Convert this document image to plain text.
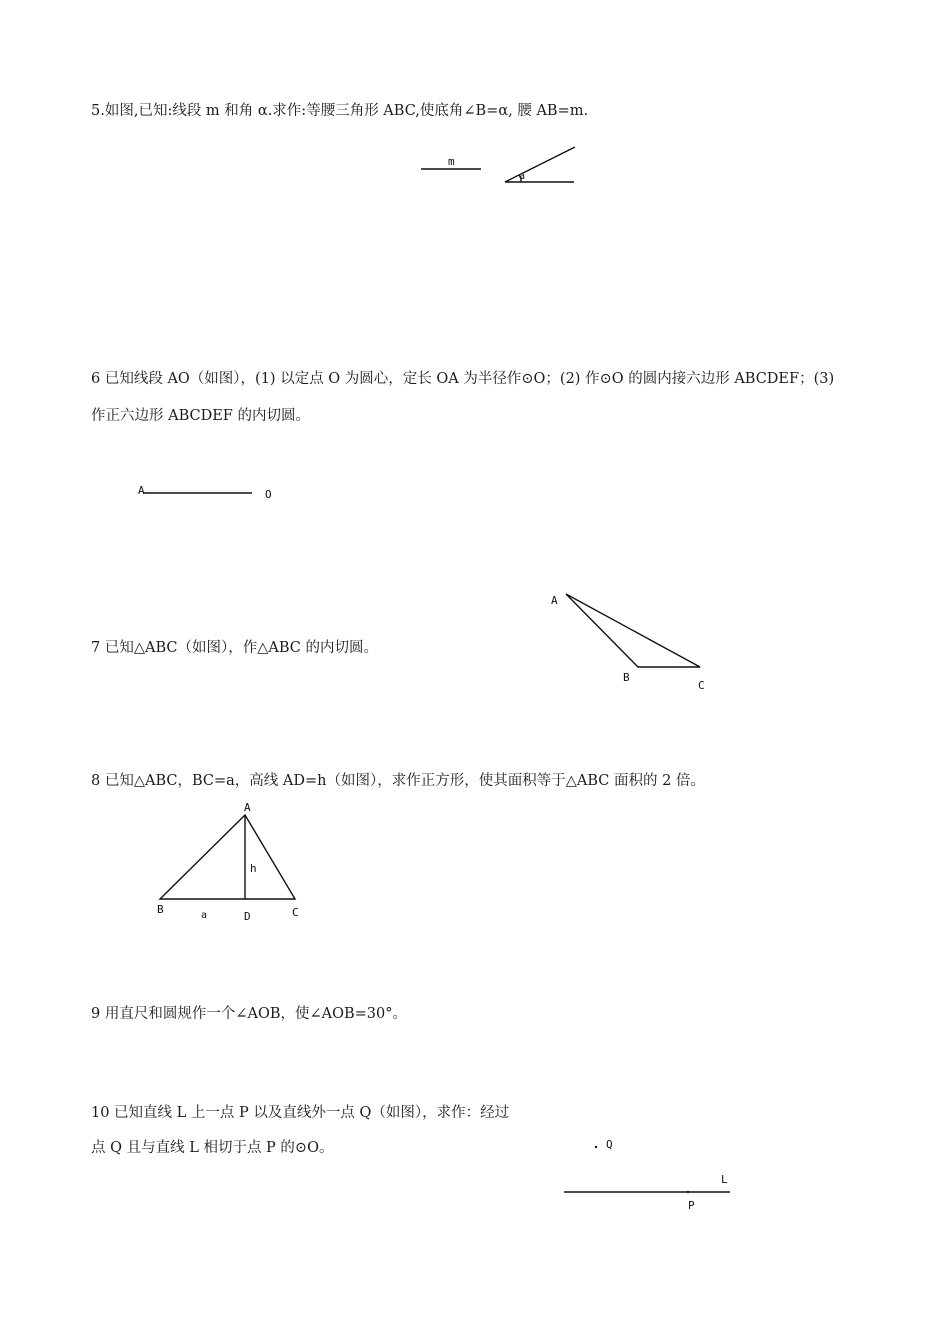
5.如图,已知:线段 m 和角 α.求作:等腰三角形 ABC,使底角∠B=α, 腰 AB=m.
m
a
6 已知线段 AO（如图），(1) 以定点 O 为圆心，定长 OA 为半径作⊙O；(2) 作⊙O 的圆内接六边形 ABCDEF；(3)
作正六边形 ABCDEF 的内切圆。
A	O
7 已知△ABC（如图），作△ABC 的内切圆。
A
B
C
8 已知△ABC，BC=a，高线 AD=h（如图），求作正方形，使其面积等于△ABC 面积的 2 倍。
A
B	C
D
h
a
9 用直尺和圆规作一个∠AOB，使∠AOB=30°。
10 已知直线 L 上一点 P 以及直线外一点 Q（如图），求作：经过
点 Q 且与直线 L 相切于点 P 的⊙O。	Q
L
P
